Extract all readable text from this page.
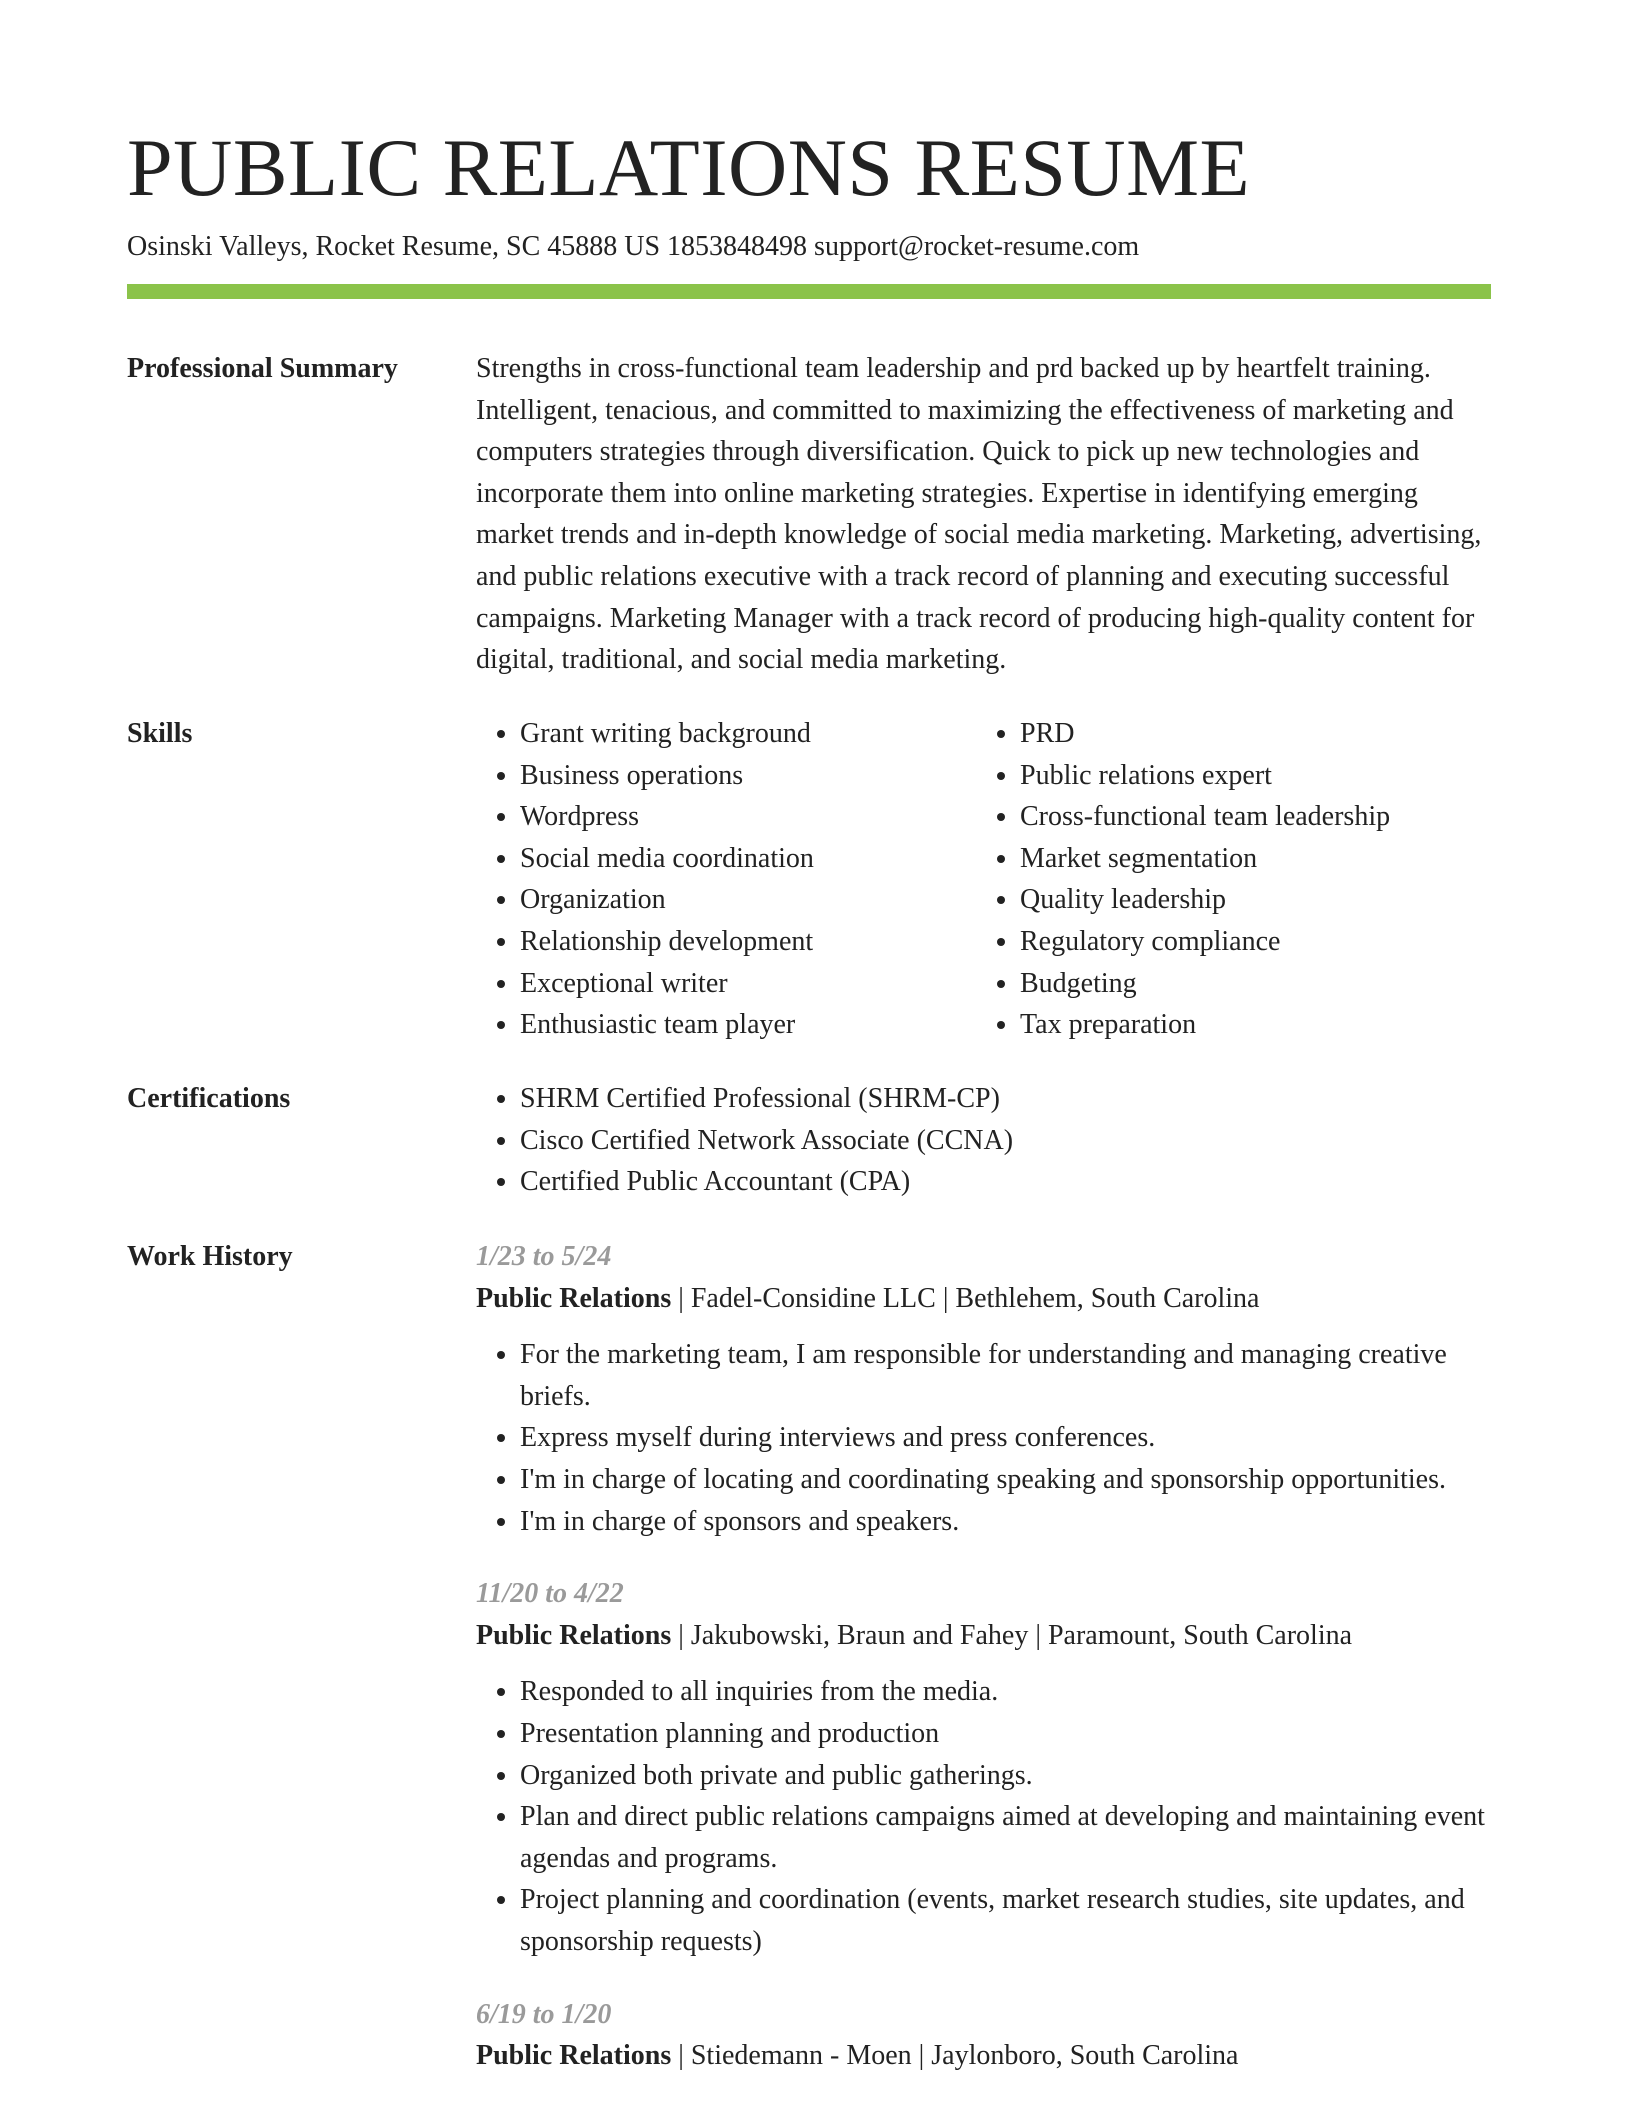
PUBLIC RELATIONS RESUME
Osinski Valleys, Rocket Resume, SC 45888 US 1853848498 support@rocket-resume.com
Professional Summary	Strengths in cross-functional team leadership and prd backed up by heartfelt training. Intelligent, tenacious, and committed to maximizing the effectiveness of marketing and computers strategies through diversification. Quick to pick up new technologies and incorporate them into online marketing strategies. Expertise in identifying emerging market trends and in-depth knowledge of social media marketing. Marketing, advertising, and public relations executive with a track record of planning and executing successful campaigns. Marketing Manager with a track record of producing high-quality content for digital, traditional, and social media marketing.

Skills	• Grant writing background
• Business operations
• Wordpress
• Social media coordination
• Organization
• Relationship development
• Exceptional writer
• Enthusiastic team player
• PRD
• Public relations expert
• Cross-functional team leadership
• Market segmentation
• Quality leadership
• Regulatory compliance
• Budgeting
• Tax preparation
Certifications	• SHRM Certified Professional (SHRM-CP)
• Cisco Certified Network Associate (CCNA)
• Certified Public Accountant (CPA)
Work History	1/23 to 5/24
Public Relations | Fadel-Considine LLC | Bethlehem, South Carolina
• For the marketing team, I am responsible for understanding and managing creative briefs.
• Express myself during interviews and press conferences.
• I'm in charge of locating and coordinating speaking and sponsorship opportunities.
• I'm in charge of sponsors and speakers.
11/20 to 4/22
Public Relations | Jakubowski, Braun and Fahey | Paramount, South Carolina
• Responded to all inquiries from the media.
• Presentation planning and production
• Organized both private and public gatherings.
• Plan and direct public relations campaigns aimed at developing and maintaining event agendas and programs.
• Project planning and coordination (events, market research studies, site updates, and sponsorship requests)
6/19 to 1/20
Public Relations | Stiedemann - Moen | Jaylonboro, South Carolina
